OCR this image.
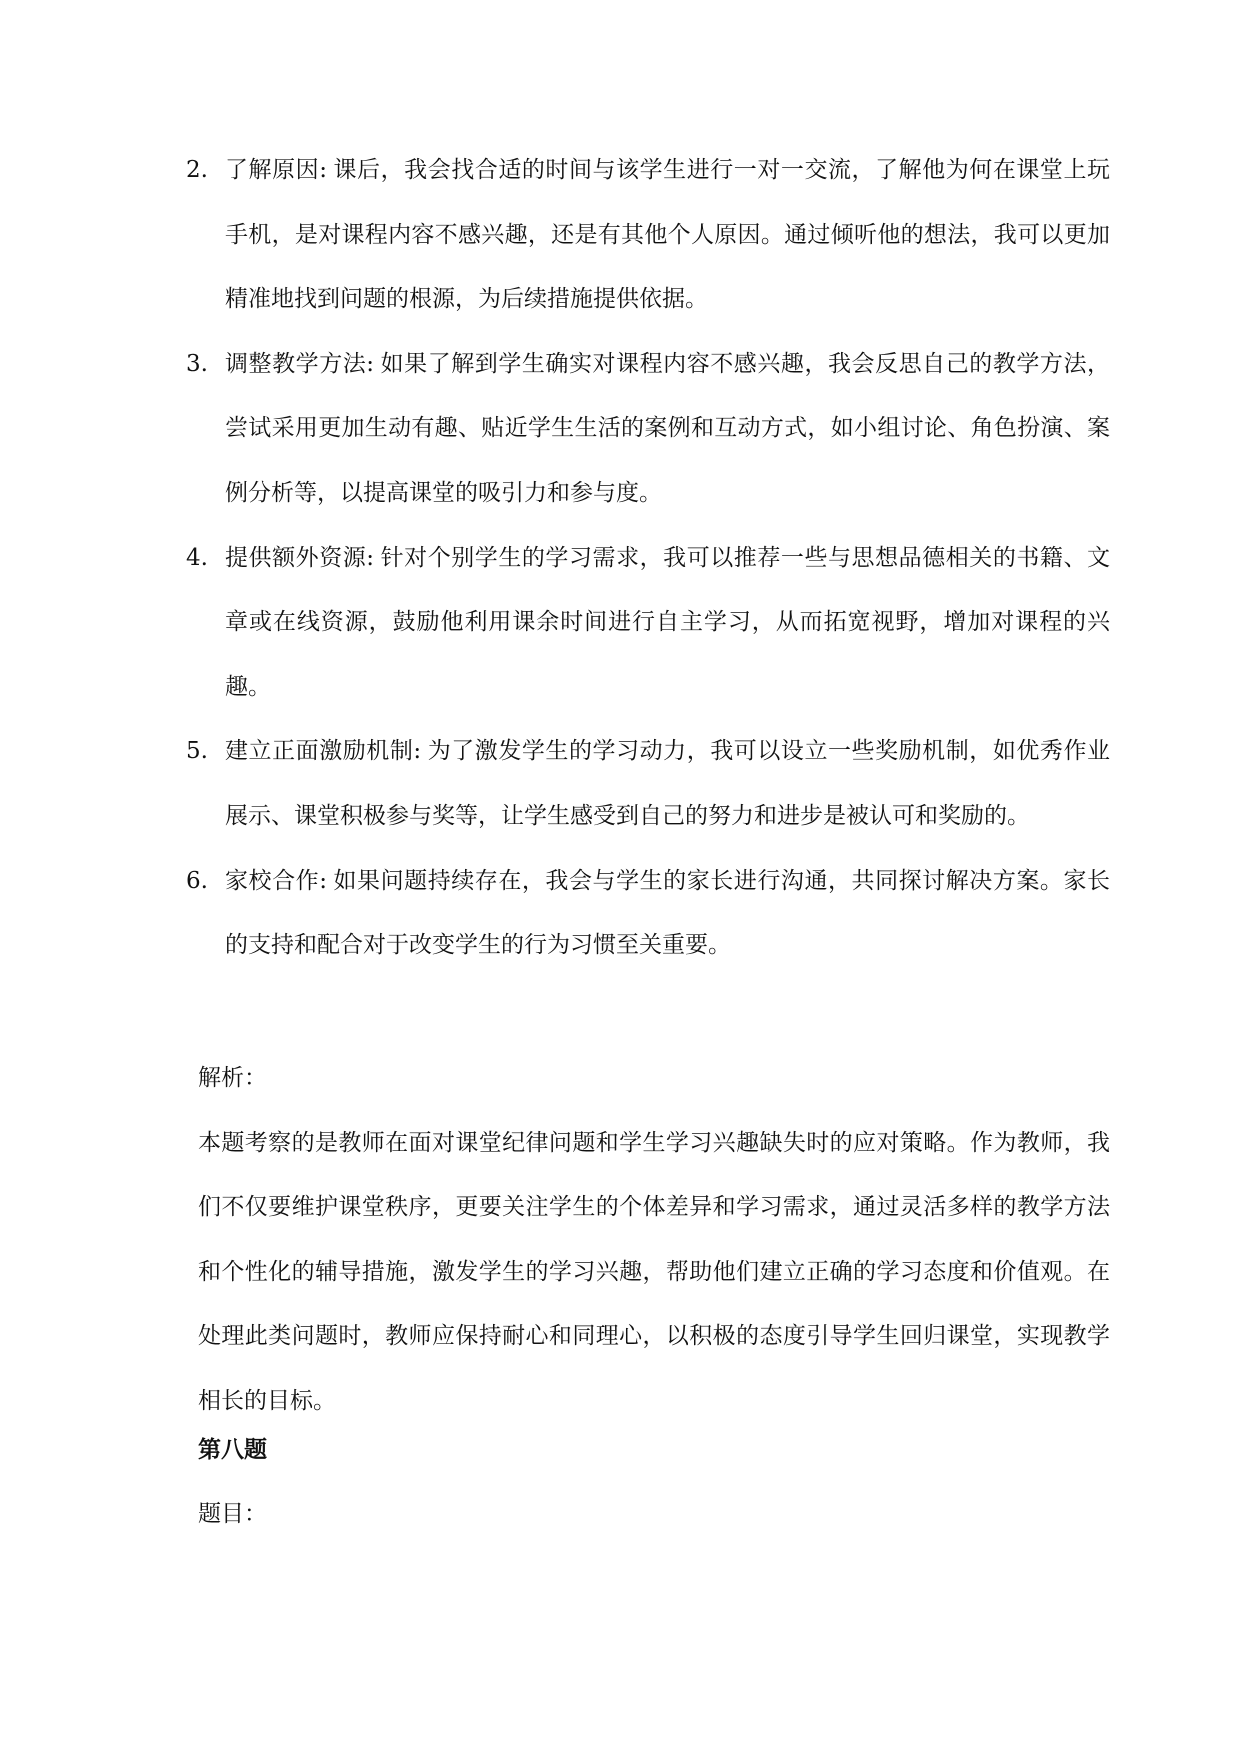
2. 了解原因: 课后，我会找合适的时间与该学生进行一对一交流，了解他为何在课堂上玩手机，是对课程内容不感兴趣，还是有其他个人原因。通过倾听他的想法，我可以更加精准地找到问题的根源，为后续措施提供依据。
3. 调整教学方法: 如果了解到学生确实对课程内容不感兴趣，我会反思自己的教学方法，尝试采用更加生动有趣、贴近学生生活的案例和互动方式，如小组讨论、角色扮演、案例分析等，以提高课堂的吸引力和参与度。
4. 提供额外资源: 针对个别学生的学习需求，我可以推荐一些与思想品德相关的书籍、文章或在线资源，鼓励他利用课余时间进行自主学习，从而拓宽视野，增加对课程的兴趣。
5. 建立正面激励机制: 为了激发学生的学习动力，我可以设立一些奖励机制，如优秀作业展示、课堂积极参与奖等，让学生感受到自己的努力和进步是被认可和奖励的。
6. 家校合作: 如果问题持续存在，我会与学生的家长进行沟通，共同探讨解决方案。家长的支持和配合对于改变学生的行为习惯至关重要。

解析：

本题考察的是教师在面对课堂纪律问题和学生学习兴趣缺失时的应对策略。作为教师，我们不仅要维护课堂秩序，更要关注学生的个体差异和学习需求，通过灵活多样的教学方法和个性化的辅导措施，激发学生的学习兴趣，帮助他们建立正确的学习态度和价值观。在处理此类问题时，教师应保持耐心和同理心，以积极的态度引导学生回归课堂，实现教学相长的目标。

第八题

题目：
